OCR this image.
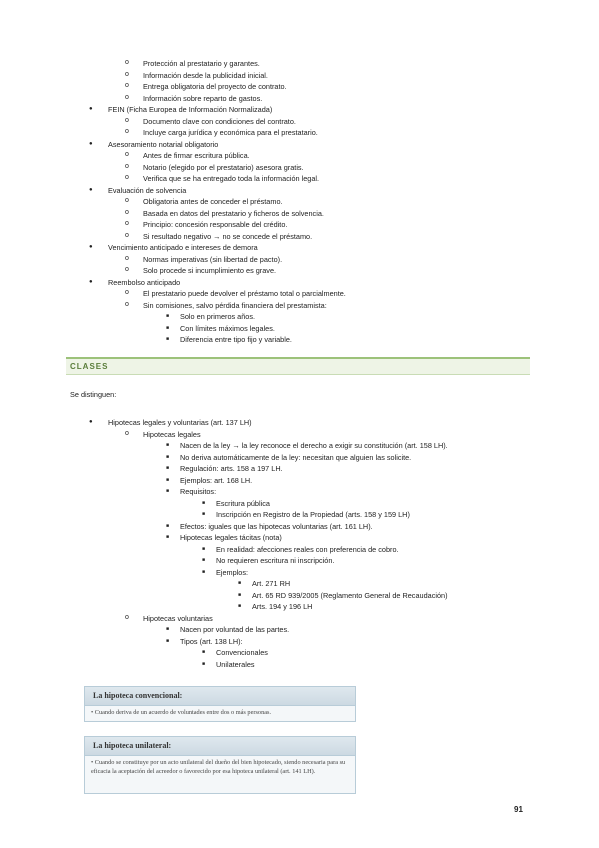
o Protección al prestatario y garantes.
o Información desde la publicidad inicial.
o Entrega obligatoria del proyecto de contrato.
o Información sobre reparto de gastos.
● FEIN (Ficha Europea de Información Normalizada)
o Documento clave con condiciones del contrato.
o Incluye carga jurídica y económica para el prestatario.
● Asesoramiento notarial obligatorio
o Antes de firmar escritura pública.
o Notario (elegido por el prestatario) asesora gratis.
o Verifica que se ha entregado toda la información legal.
● Evaluación de solvencia
o Obligatoria antes de conceder el préstamo.
o Basada en datos del prestatario y ficheros de solvencia.
o Principio: concesión responsable del crédito.
o Si resultado negativo → no se concede el préstamo.
● Vencimiento anticipado e intereses de demora
o Normas imperativas (sin libertad de pacto).
o Solo procede si incumplimiento es grave.
● Reembolso anticipado
o El prestatario puede devolver el préstamo total o parcialmente.
o Sin comisiones, salvo pérdida financiera del prestamista:
■ Solo en primeros años.
■ Con límites máximos legales.
■ Diferencia entre tipo fijo y variable.
CLASES
Se distinguen:
● Hipotecas legales y voluntarias (art. 137 LH)
o Hipotecas legales
■ Nacen de la ley → la ley reconoce el derecho a exigir su constitución (art. 158 LH).
■ No deriva automáticamente de la ley: necesitan que alguien las solicite.
■ Regulación: arts. 158 a 197 LH.
■ Ejemplos: art. 168 LH.
■ Requisitos:
■ Escritura pública
■ Inscripción en Registro de la Propiedad (arts. 158 y 159 LH)
■ Efectos: iguales que las hipotecas voluntarias (art. 161 LH).
■ Hipotecas legales tácitas (nota)
■ En realidad: afecciones reales con preferencia de cobro.
■ No requieren escritura ni inscripción.
■ Ejemplos:
■ Art. 271 RH
■ Art. 65 RD 939/2005 (Reglamento General de Recaudación)
■ Arts. 194 y 196 LH
o Hipotecas voluntarias
■ Nacen por voluntad de las partes.
■ Tipos (art. 138 LH):
■ Convencionales
■ Unilaterales
La hipoteca convencional:
• Cuando deriva de un acuerdo de voluntades entre dos o más personas.
La hipoteca unilateral:
• Cuando se constituye por un acto unilateral del dueño del bien hipotecado, siendo necesaria para su eficacia la aceptación del acreedor o favorecido por esa hipoteca unilateral (art. 141 LH).
91
